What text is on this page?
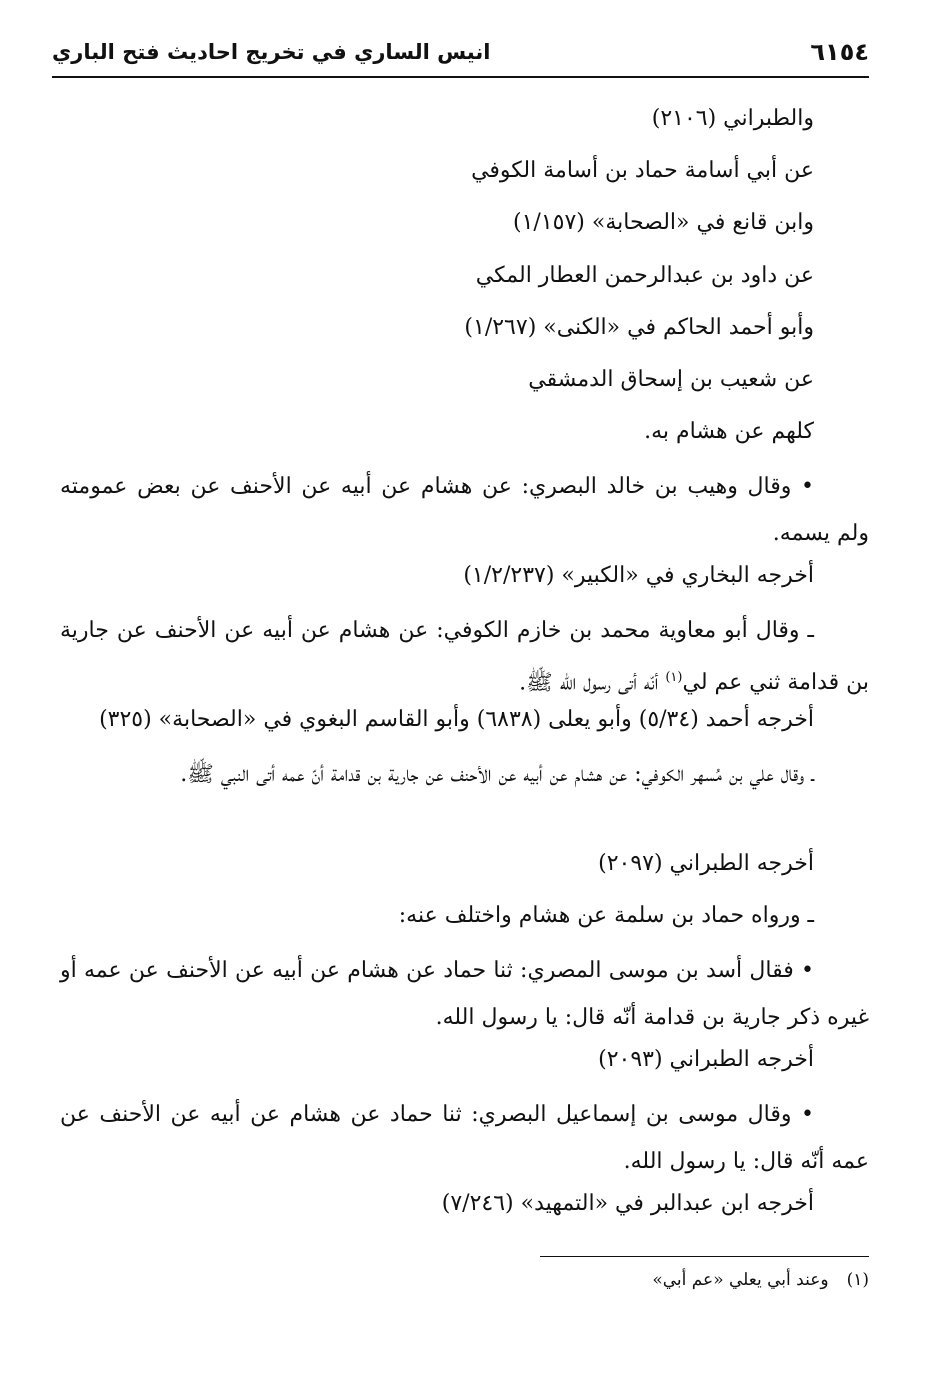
٦١٥٤
انيس الساري في تخريج احاديث فتح الباري
والطبراني (٢١٠٦)
عن أبي أسامة حماد بن أسامة الكوفي
وابن قانع في «الصحابة» (١/١٥٧)
عن داود بن عبدالرحمن العطار المكي
وأبو أحمد الحاكم في «الكنى» (١/٢٦٧)
عن شعيب بن إسحاق الدمشقي
كلهم عن هشام به.
• وقال وهيب بن خالد البصري: عن هشام عن أبيه عن الأحنف عن بعض عمومته ولم يسمه.
أخرجه البخاري في «الكبير» (١/٢/٢٣٧)
ـ وقال أبو معاوية محمد بن خازم الكوفي: عن هشام عن أبيه عن الأحنف عن جارية بن قدامة ثني عم لي$^{(١)}$ أنّه أتى رسول الله ﷺ.
أخرجه أحمد (٥/٣٤) وأبو يعلى (٦٨٣٨) وأبو القاسم البغوي في «الصحابة» (٣٢٥)
ـ وقال علي بن مُسهر الكوفي: عن هشام عن أبيه عن الأحنف عن جارية بن قدامة أنّ عمه أتى النبي ﷺ.
أخرجه الطبراني (٢٠٩٧)
ـ ورواه حماد بن سلمة عن هشام واختلف عنه:
• فقال أسد بن موسى المصري: ثنا حماد عن هشام عن أبيه عن الأحنف عن عمه أو غيره ذكر جارية بن قدامة أنّه قال: يا رسول الله.
أخرجه الطبراني (٢٠٩٣)
• وقال موسى بن إسماعيل البصري: ثنا حماد عن هشام عن أبيه عن الأحنف عن عمه أنّه قال: يا رسول الله.
أخرجه ابن عبدالبر في «التمهيد» (٧/٢٤٦)
(١)وعند أبي يعلي «عم أبي»
